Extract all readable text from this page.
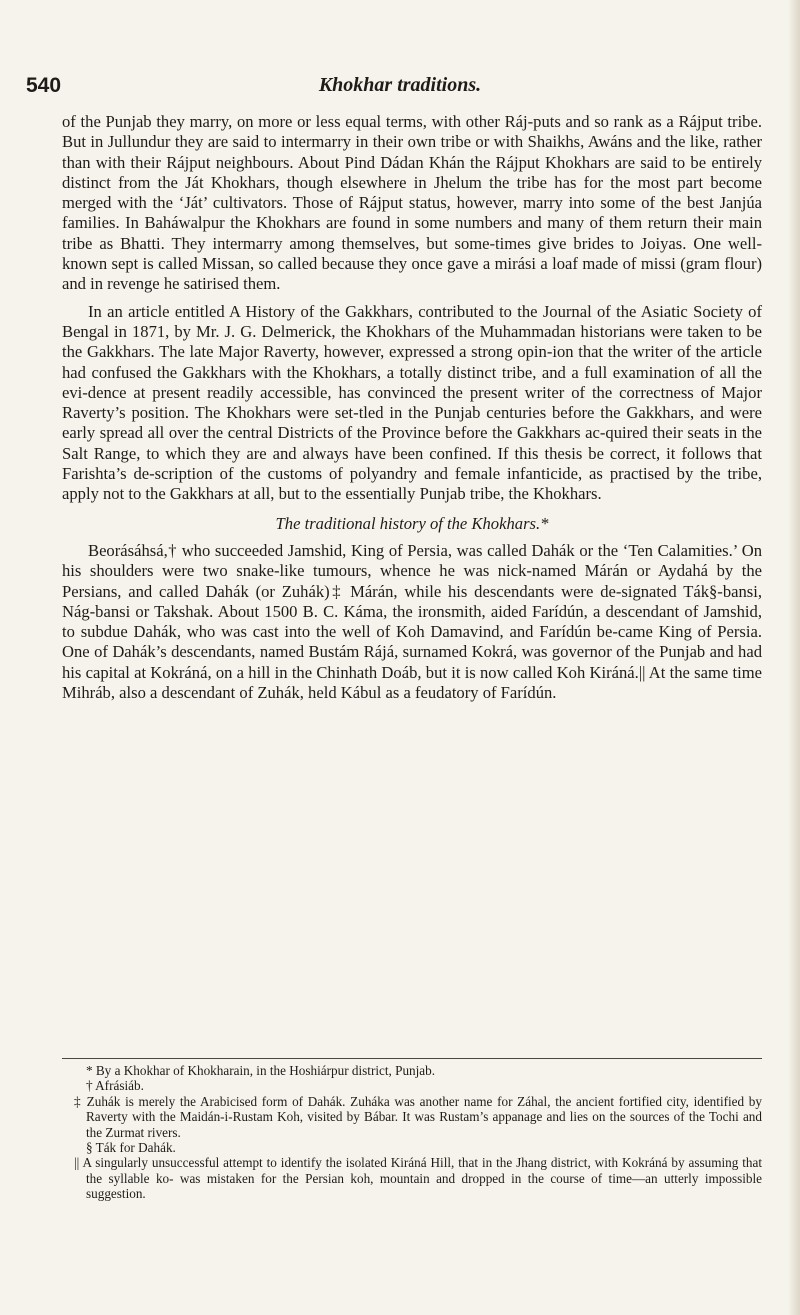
540	Khokhar traditions.

of the Punjab they marry, on more or less equal terms, with other Ráj-puts and so rank as a Rájput tribe. But in Jullundur they are said to intermarry in their own tribe or with Shaikhs, Awáns and the like, rather than with their Rájput neighbours. About Pind Dádan Khán the Rájput Khokhars are said to be entirely distinct from the Ját Khokhars, though elsewhere in Jhelum the tribe has for the most part become merged with the ‘Ját’ cultivators. Those of Rájput status, however, marry into some of the best Janjúa families. In Baháwalpur the Khokhars are found in some numbers and many of them return their main tribe as Bhatti. They intermarry among themselves, but some-times give brides to Joiyas. One well-known sept is called Missan, so called because they once gave a mirási a loaf made of missi (gram flour) and in revenge he satirised them.

In an article entitled A History of the Gakkhars, contributed to the Journal of the Asiatic Society of Bengal in 1871, by Mr. J. G. Delmerick, the Khokhars of the Muhammadan historians were taken to be the Gakkhars. The late Major Raverty, however, expressed a strong opin-ion that the writer of the article had confused the Gakkhars with the Khokhars, a totally distinct tribe, and a full examination of all the evi-dence at present readily accessible, has convinced the present writer of the correctness of Major Raverty’s position. The Khokhars were set-tled in the Punjab centuries before the Gakkhars, and were early spread all over the central Districts of the Province before the Gakkhars ac-quired their seats in the Salt Range, to which they are and always have been confined. If this thesis be correct, it follows that Farishta’s de-scription of the customs of polyandry and female infanticide, as practised by the tribe, apply not to the Gakkhars at all, but to the essentially Punjab tribe, the Khokhars.

The traditional history of the Khokhars.*

Beorásáhsá,† who succeeded Jamshid, King of Persia, was called Dahák or the ‘Ten Calamities.’ On his shoulders were two snake-like tumours, whence he was nick-named Márán or Aydahá by the Persians, and called Dahák (or Zuhák)‡ Márán, while his descendants were de-signated Ták§-bansi, Nág-bansi or Takshak. About 1500 B. C. Káma, the ironsmith, aided Farídún, a descendant of Jamshid, to subdue Dahák, who was cast into the well of Koh Damavind, and Farídún be-came King of Persia. One of Dahák’s descendants, named Bustám Rájá, surnamed Kokrá, was governor of the Punjab and had his capital at Kokráná, on a hill in the Chinhath Doáb, but it is now called Koh Kiráná.|| At the same time Mihráb, also a descendant of Zuhák, held Kábul as a feudatory of Farídún.

* By a Khokhar of Khokharain, in the Hoshiárpur district, Punjab.

† Afrásiáb.

‡ Zuhák is merely the Arabicised form of Dahák. Zuháka was another name for Záhal, the ancient fortified city, identified by Raverty with the Maidán-i-Rustam Koh, visited by Bábar. It was Rustam’s appanage and lies on the sources of the Tochi and the Zurmat rivers.

§ Ták for Dahák.

|| A singularly unsuccessful attempt to identify the isolated Kiráná Hill, that in the Jhang district, with Kokráná by assuming that the syllable ko- was mistaken for the Persian koh, mountain and dropped in the course of time—an utterly impossible suggestion.
